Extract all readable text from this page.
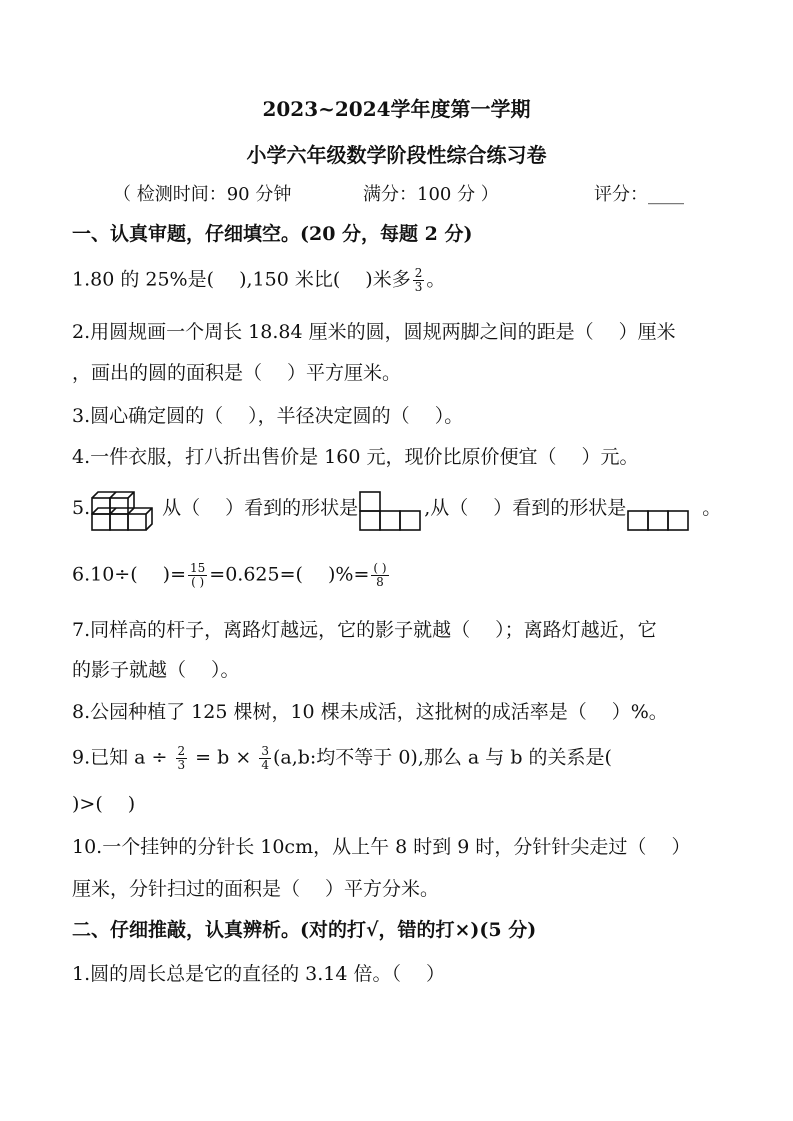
2023~2024学年度第一学期
小学六年级数学阶段性综合练习卷
（ 检测时间：90 分钟	满分：100 分 ）	评分：____
一、认真审题，仔细填空。(20 分，每题 2 分)
1.80 的 25%是(　 ),150 米比(　 )米多 $\frac{2}{3}$ 。
2.用圆规画一个周长 18.84 厘米的圆，圆规两脚之间的距是（　 ）厘米
，画出的圆的面积是（　 ）平方厘米。
3.圆心确定圆的（　 ），半径决定圆的（　 ）。
4.一件衣服，打八折出售价是 160 元，现价比原价便宜（　 ）元。
5.	从（　 ）看到的形状是	,从（　 ）看到的形状是	。
6.10÷(　 )= $\frac{15}{( )} =0.625=$(　 )%= $\frac{( )}{8}$
7.同样高的杆子，离路灯越远，它的影子就越（　 ）；离路灯越近，它
的影子就越（　 ）。
8.公园种植了 125 棵树，10 棵未成活，这批树的成活率是（　 ）%。
9.已知 $a \div \frac{2}{3} = b \times \frac{3}{4} (a,b$:均不等于 0),那么 a 与 b 的关系是(
)>(　 )
10.一个挂钟的分针长 10cm，从上午 8 时到 9 时，分针针尖走过（　 ）
厘米，分针扫过的面积是（　 ）平方分米。
二、仔细推敲，认真辨析。(对的打√，错的打×)(5 分)
1.圆的周长总是它的直径的 3.14 倍。（　 ）
